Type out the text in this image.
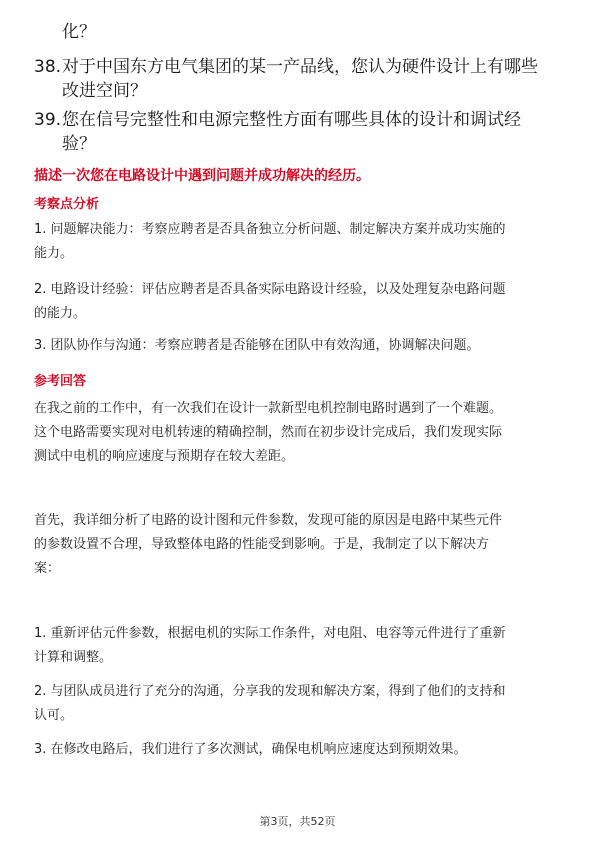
化？

38. 对于中国东方电气集团的某一产品线，您认为硬件设计上有哪些
改进空间？

39. 您在信号完整性和电源完整性方面有哪些具体的设计和调试经
验？

描述一次您在电路设计中遇到问题并成功解决的经历。
考察点分析
1. 问题解决能力：考察应聘者是否具备独立分析问题、制定解决方案并成功实施的
能力。
2. 电路设计经验：评估应聘者是否具备实际电路设计经验，以及处理复杂电路问题
的能力。
3. 团队协作与沟通：考察应聘者是否能够在团队中有效沟通，协调解决问题。
参考回答
在我之前的工作中，有一次我们在设计一款新型电机控制电路时遇到了一个难题。
这个电路需要实现对电机转速的精确控制，然而在初步设计完成后，我们发现实际
测试中电机的响应速度与预期存在较大差距。
首先，我详细分析了电路的设计图和元件参数，发现可能的原因是电路中某些元件
的参数设置不合理，导致整体电路的性能受到影响。于是，我制定了以下解决方
案：
1. 重新评估元件参数，根据电机的实际工作条件，对电阻、电容等元件进行了重新
计算和调整。
2. 与团队成员进行了充分的沟通，分享我的发现和解决方案，得到了他们的支持和
认可。
3. 在修改电路后，我们进行了多次测试，确保电机响应速度达到预期效果。
第3页，共52页
